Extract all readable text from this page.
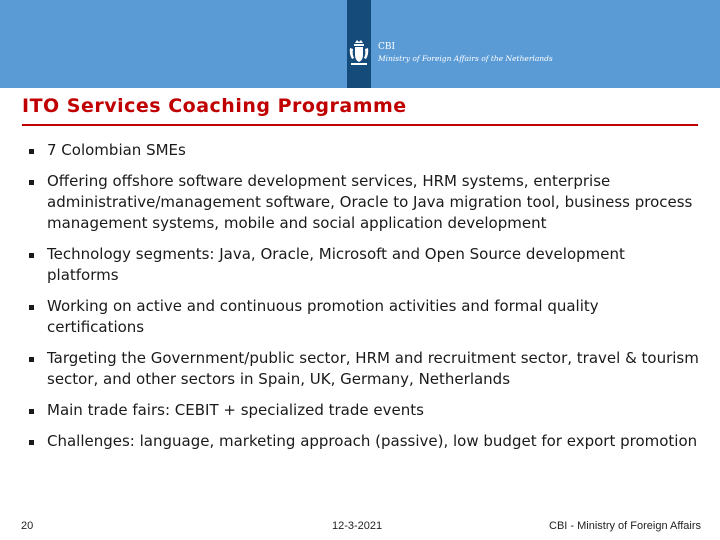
CBI
Ministry of Foreign Affairs of the Netherlands
ITO Services Coaching Programme
7 Colombian SMEs
Offering offshore software development services, HRM systems, enterprise administrative/management software, Oracle to Java migration tool, business process management systems, mobile and social application development
Technology segments: Java, Oracle, Microsoft and Open Source development platforms
Working on active and continuous promotion activities and formal quality certifications
Targeting the Government/public sector, HRM and recruitment sector, travel & tourism sector, and other sectors in Spain, UK, Germany, Netherlands
Main trade fairs: CEBIT + specialized trade events
Challenges: language, marketing approach (passive), low budget for export promotion
20	12-3-2021	CBI - Ministry of Foreign Affairs
